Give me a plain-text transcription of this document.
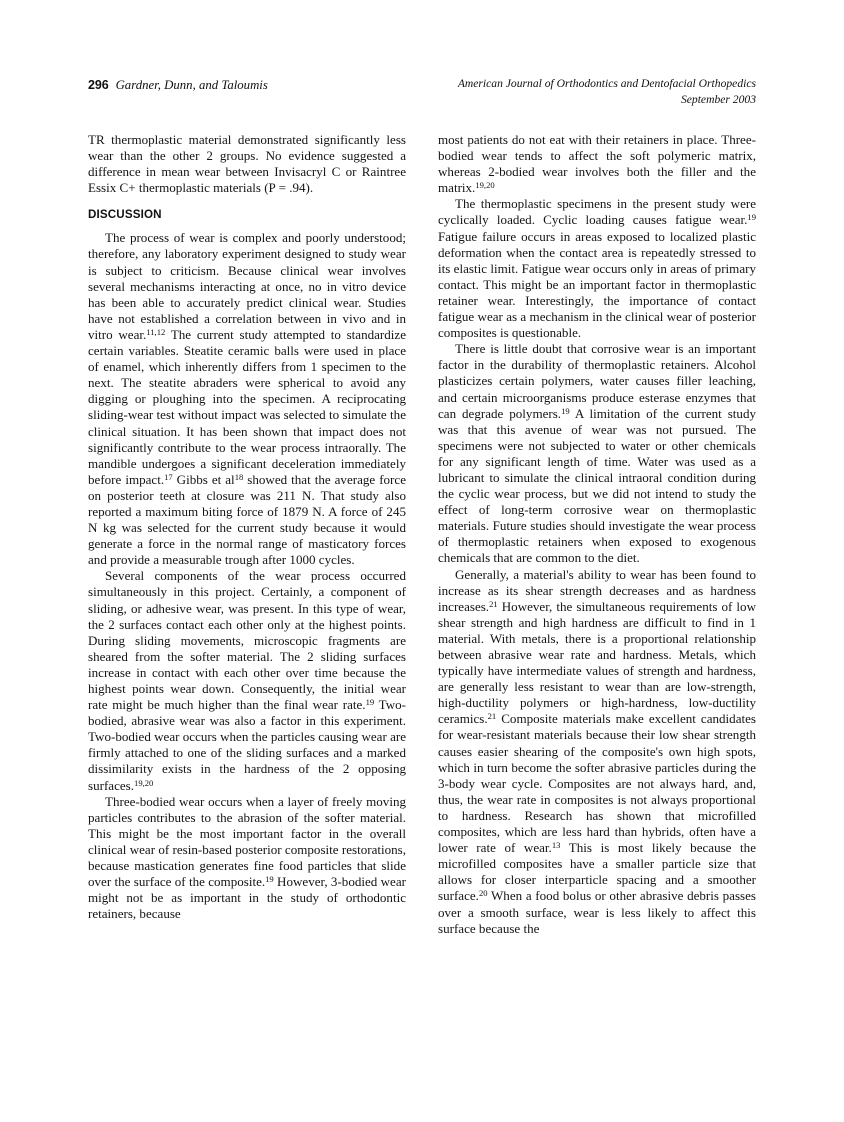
296 Gardner, Dunn, and Taloumis	American Journal of Orthodontics and Dentofacial Orthopedics
September 2003

TR thermoplastic material demonstrated significantly less wear than the other 2 groups. No evidence suggested a difference in mean wear between Invisacryl C or Raintree Essix C+ thermoplastic materials (P = .94).

DISCUSSION

The process of wear is complex and poorly understood; therefore, any laboratory experiment designed to study wear is subject to criticism. Because clinical wear involves several mechanisms interacting at once, no in vitro device has been able to accurately predict clinical wear. Studies have not established a correlation between in vivo and in vitro wear.$^{11,12}$ The current study attempted to standardize certain variables. Steatite ceramic balls were used in place of enamel, which inherently differs from 1 specimen to the next. The steatite abraders were spherical to avoid any digging or ploughing into the specimen. A reciprocating sliding-wear test without impact was selected to simulate the clinical situation. It has been shown that impact does not significantly contribute to the wear process intraorally. The mandible undergoes a significant deceleration immediately before impact.$^{17}$ Gibbs et al$^{18}$ showed that the average force on posterior teeth at closure was 211 N. That study also reported a maximum biting force of 1879 N. A force of 245 N kg was selected for the current study because it would generate a force in the normal range of masticatory forces and provide a measurable trough after 1000 cycles.

Several components of the wear process occurred simultaneously in this project. Certainly, a component of sliding, or adhesive wear, was present. In this type of wear, the 2 surfaces contact each other only at the highest points. During sliding movements, microscopic fragments are sheared from the softer material. The 2 sliding surfaces increase in contact with each other over time because the highest points wear down. Consequently, the initial wear rate might be much higher than the final wear rate.$^{19}$ Two-bodied, abrasive wear was also a factor in this experiment. Two-bodied wear occurs when the particles causing wear are firmly attached to one of the sliding surfaces and a marked dissimilarity exists in the hardness of the 2 opposing surfaces.$^{19,20}$

Three-bodied wear occurs when a layer of freely moving particles contributes to the abrasion of the softer material. This might be the most important factor in the overall clinical wear of resin-based posterior composite restorations, because mastication generates fine food particles that slide over the surface of the composite.$^{19}$ However, 3-bodied wear might not be as important in the study of orthodontic retainers, because

most patients do not eat with their retainers in place. Three-bodied wear tends to affect the soft polymeric matrix, whereas 2-bodied wear involves both the filler and the matrix.$^{19,20}$

The thermoplastic specimens in the present study were cyclically loaded. Cyclic loading causes fatigue wear.$^{19}$ Fatigue failure occurs in areas exposed to localized plastic deformation when the contact area is repeatedly stressed to its elastic limit. Fatigue wear occurs only in areas of primary contact. This might be an important factor in thermoplastic retainer wear. Interestingly, the importance of contact fatigue wear as a mechanism in the clinical wear of posterior composites is questionable.

There is little doubt that corrosive wear is an important factor in the durability of thermoplastic retainers. Alcohol plasticizes certain polymers, water causes filler leaching, and certain microorganisms produce esterase enzymes that can degrade polymers.$^{19}$ A limitation of the current study was that this avenue of wear was not pursued. The specimens were not subjected to water or other chemicals for any significant length of time. Water was used as a lubricant to simulate the clinical intraoral condition during the cyclic wear process, but we did not intend to study the effect of long-term corrosive wear on thermoplastic materials. Future studies should investigate the wear process of thermoplastic retainers when exposed to exogenous chemicals that are common to the diet.

Generally, a material's ability to wear has been found to increase as its shear strength decreases and as hardness increases.$^{21}$ However, the simultaneous requirements of low shear strength and high hardness are difficult to find in 1 material. With metals, there is a proportional relationship between abrasive wear rate and hardness. Metals, which typically have intermediate values of strength and hardness, are generally less resistant to wear than are low-strength, high-ductility polymers or high-hardness, low-ductility ceramics.$^{21}$ Composite materials make excellent candidates for wear-resistant materials because their low shear strength causes easier shearing of the composite's own high spots, which in turn become the softer abrasive particles during the 3-body wear cycle. Composites are not always hard, and, thus, the wear rate in composites is not always proportional to hardness. Research has shown that microfilled composites, which are less hard than hybrids, often have a lower rate of wear.$^{13}$ This is most likely because the microfilled composites have a smaller particle size that allows for closer interparticle spacing and a smoother surface.$^{20}$ When a food bolus or other abrasive debris passes over a smooth surface, wear is less likely to affect this surface because the
